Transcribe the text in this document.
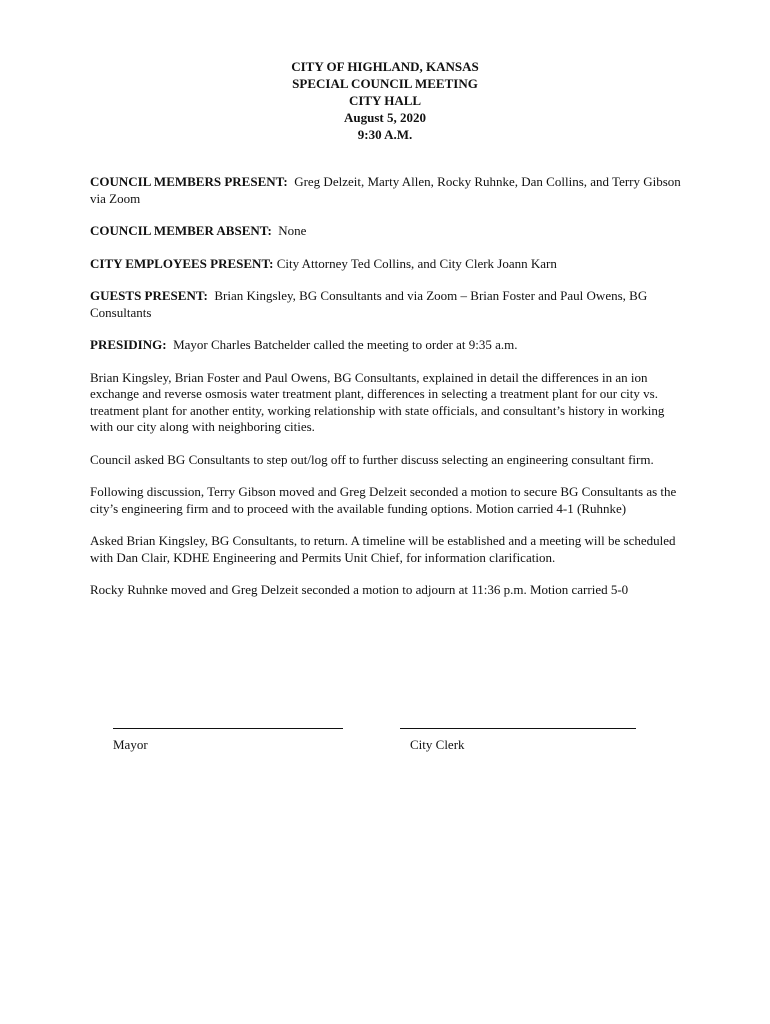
CITY OF HIGHLAND, KANSAS
SPECIAL COUNCIL MEETING
CITY HALL
August 5, 2020
9:30 A.M.

COUNCIL MEMBERS PRESENT: Greg Delzeit, Marty Allen, Rocky Ruhnke, Dan Collins, and Terry Gibson via Zoom

COUNCIL MEMBER ABSENT: None

CITY EMPLOYEES PRESENT: City Attorney Ted Collins, and City Clerk Joann Karn

GUESTS PRESENT: Brian Kingsley, BG Consultants and via Zoom – Brian Foster and Paul Owens, BG Consultants

PRESIDING: Mayor Charles Batchelder called the meeting to order at 9:35 a.m.

Brian Kingsley, Brian Foster and Paul Owens, BG Consultants, explained in detail the differences in an ion exchange and reverse osmosis water treatment plant, differences in selecting a treatment plant for our city vs. treatment plant for another entity, working relationship with state officials, and consultant’s history in working with our city along with neighboring cities.

Council asked BG Consultants to step out/log off to further discuss selecting an engineering consultant firm.

Following discussion, Terry Gibson moved and Greg Delzeit seconded a motion to secure BG Consultants as the city’s engineering firm and to proceed with the available funding options. Motion carried 4-1 (Ruhnke)

Asked Brian Kingsley, BG Consultants, to return. A timeline will be established and a meeting will be scheduled with Dan Clair, KDHE Engineering and Permits Unit Chief, for information clarification.

Rocky Ruhnke moved and Greg Delzeit seconded a motion to adjourn at 11:36 p.m. Motion carried 5-0

Mayor	City Clerk
